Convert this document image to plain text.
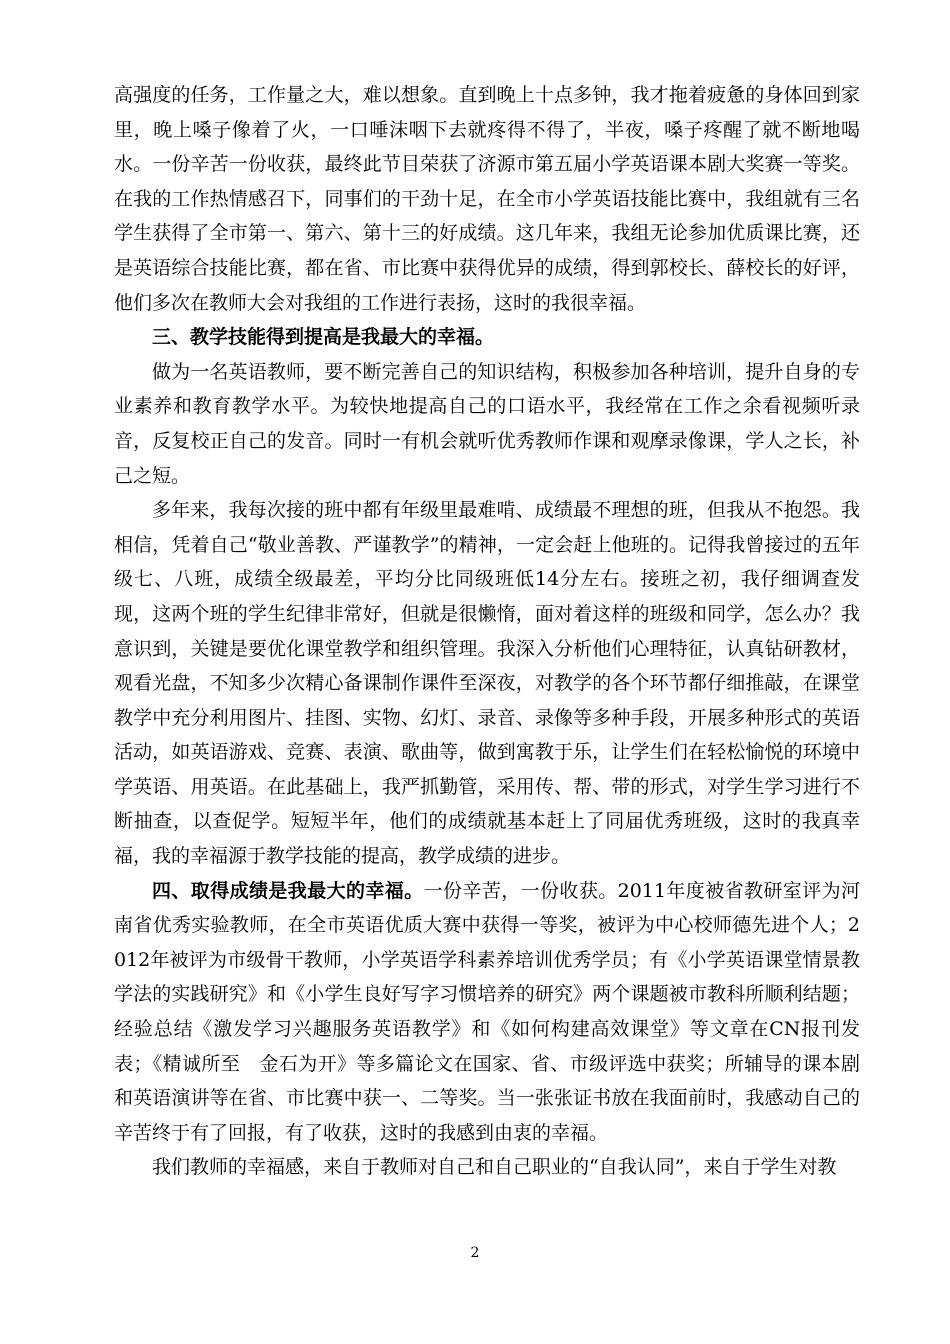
高强度的任务，工作量之大，难以想象。直到晚上十点多钟，我才拖着疲惫的身体回到家里，晚上嗓子像着了火，一口唾沫咽下去就疼得不得了，半夜，嗓子疼醒了就不断地喝水。一份辛苦一份收获，最终此节目荣获了济源市第五届小学英语课本剧大奖赛一等奖。在我的工作热情感召下，同事们的干劲十足，在全市小学英语技能比赛中，我组就有三名学生获得了全市第一、第六、第十三的好成绩。这几年来，我组无论参加优质课比赛，还是英语综合技能比赛，都在省、市比赛中获得优异的成绩，得到郭校长、薛校长的好评，他们多次在教师大会对我组的工作进行表扬，这时的我很幸福。

三、教学技能得到提高是我最大的幸福。

做为一名英语教师，要不断完善自己的知识结构，积极参加各种培训，提升自身的专业素养和教育教学水平。为较快地提高自己的口语水平，我经常在工作之余看视频听录音，反复校正自己的发音。同时一有机会就听优秀教师作课和观摩录像课，学人之长，补己之短。

多年来，我每次接的班中都有年级里最难啃、成绩最不理想的班，但我从不抱怨。我相信，凭着自己“敬业善教、严谨教学”的精神，一定会赶上他班的。记得我曾接过的五年级七、八班，成绩全级最差，平均分比同级班低14分左右。接班之初，我仔细调查发现，这两个班的学生纪律非常好，但就是很懒惰，面对着这样的班级和同学，怎么办？我意识到，关键是要优化课堂教学和组织管理。我深入分析他们心理特征，认真钻研教材，观看光盘，不知多少次精心备课制作课件至深夜，对教学的各个环节都仔细推敲，在课堂教学中充分利用图片、挂图、实物、幻灯、录音、录像等多种手段，开展多种形式的英语活动，如英语游戏、竞赛、表演、歌曲等，做到寓教于乐，让学生们在轻松愉悦的环境中学英语、用英语。在此基础上，我严抓勤管，采用传、帮、带的形式，对学生学习进行不断抽查，以查促学。短短半年，他们的成绩就基本赶上了同届优秀班级，这时的我真幸福，我的幸福源于教学技能的提高，教学成绩的进步。

四、取得成绩是我最大的幸福。一份辛苦，一份收获。2011年度被省教研室评为河南省优秀实验教师，在全市英语优质大赛中获得一等奖，被评为中心校师德先进个人；2012年被评为市级骨干教师，小学英语学科素养培训优秀学员；有《小学英语课堂情景教学法的实践研究》和《小学生良好写字习惯培养的研究》两个课题被市教科所顺利结题；经验总结《激发学习兴趣服务英语教学》和《如何构建高效课堂》等文章在CN报刊发表；《精诚所至　金石为开》等多篇论文在国家、省、市级评选中获奖；所辅导的课本剧和英语演讲等在省、市比赛中获一、二等奖。当一张张证书放在我面前时，我感动自己的辛苦终于有了回报，有了收获，这时的我感到由衷的幸福。

我们教师的幸福感，来自于教师对自己和自己职业的“自我认同”，来自于学生对教

2
